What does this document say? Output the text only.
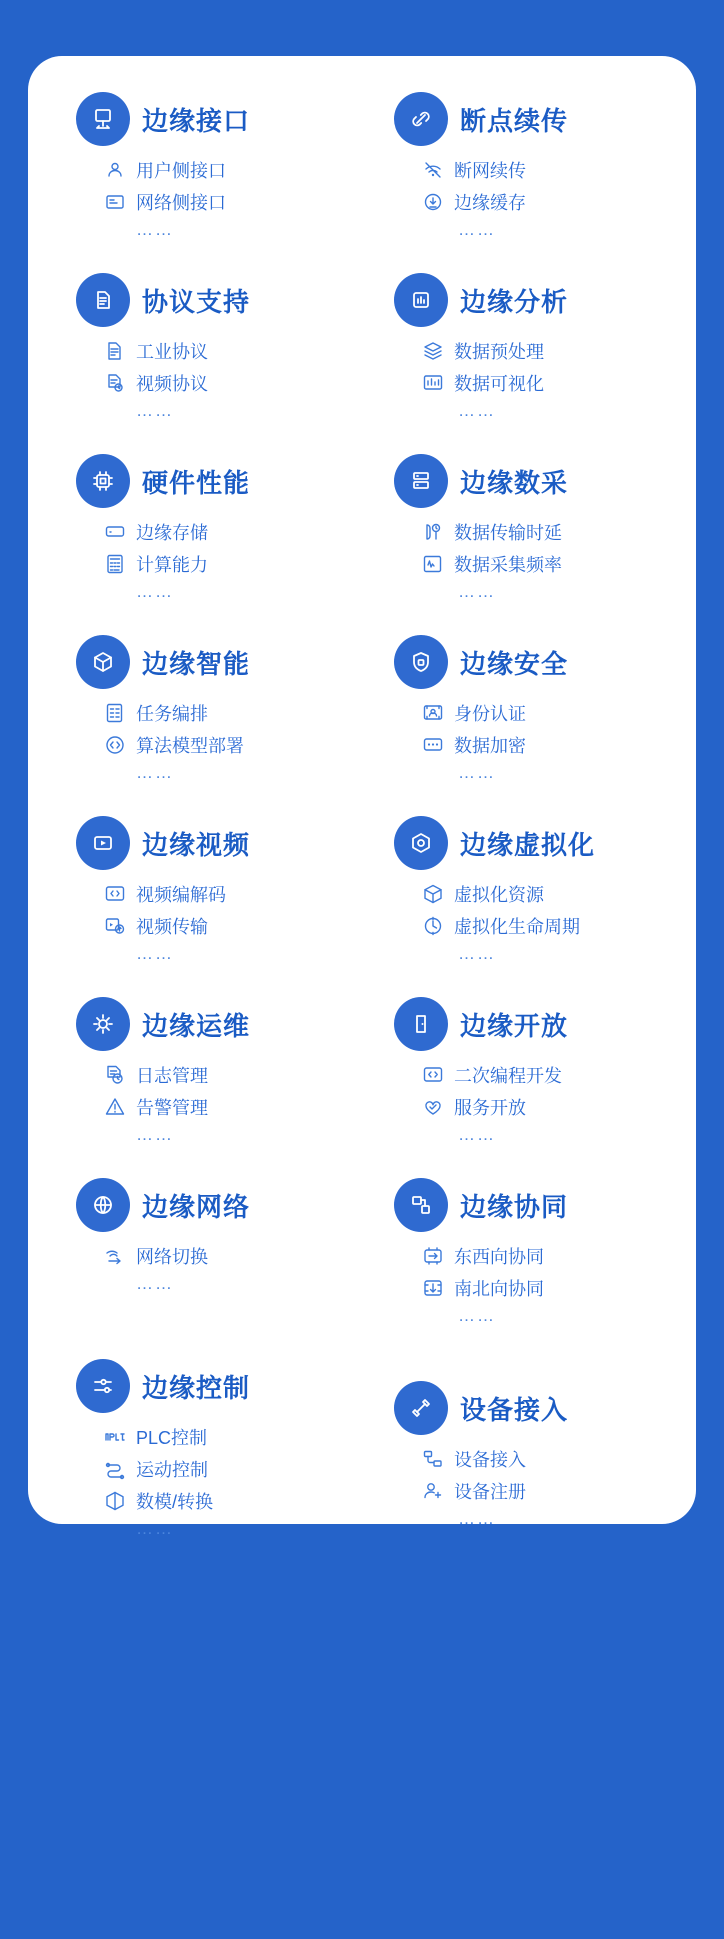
边缘接口
用户侧接口
网络侧接口
……
断点续传
断网续传
边缘缓存
……
协议支持
工业协议
视频协议
……
边缘分析
数据预处理
数据可视化
……
硬件性能
边缘存储
计算能力
……
边缘数采
数据传输时延
数据采集频率
……
边缘智能
任务编排
算法模型部署
……
边缘安全
身份认证
数据加密
……
边缘视频
视频编解码
视频传输
……
边缘虚拟化
虚拟化资源
虚拟化生命周期
……
边缘运维
日志管理
告警管理
……
边缘开放
二次编程开发
服务开放
……
边缘网络
网络切换
……
边缘协同
东西向协同
南北向协同
……
边缘控制
PLC控制
运动控制
数模/转换
……
设备接入
设备接入
设备注册
……
